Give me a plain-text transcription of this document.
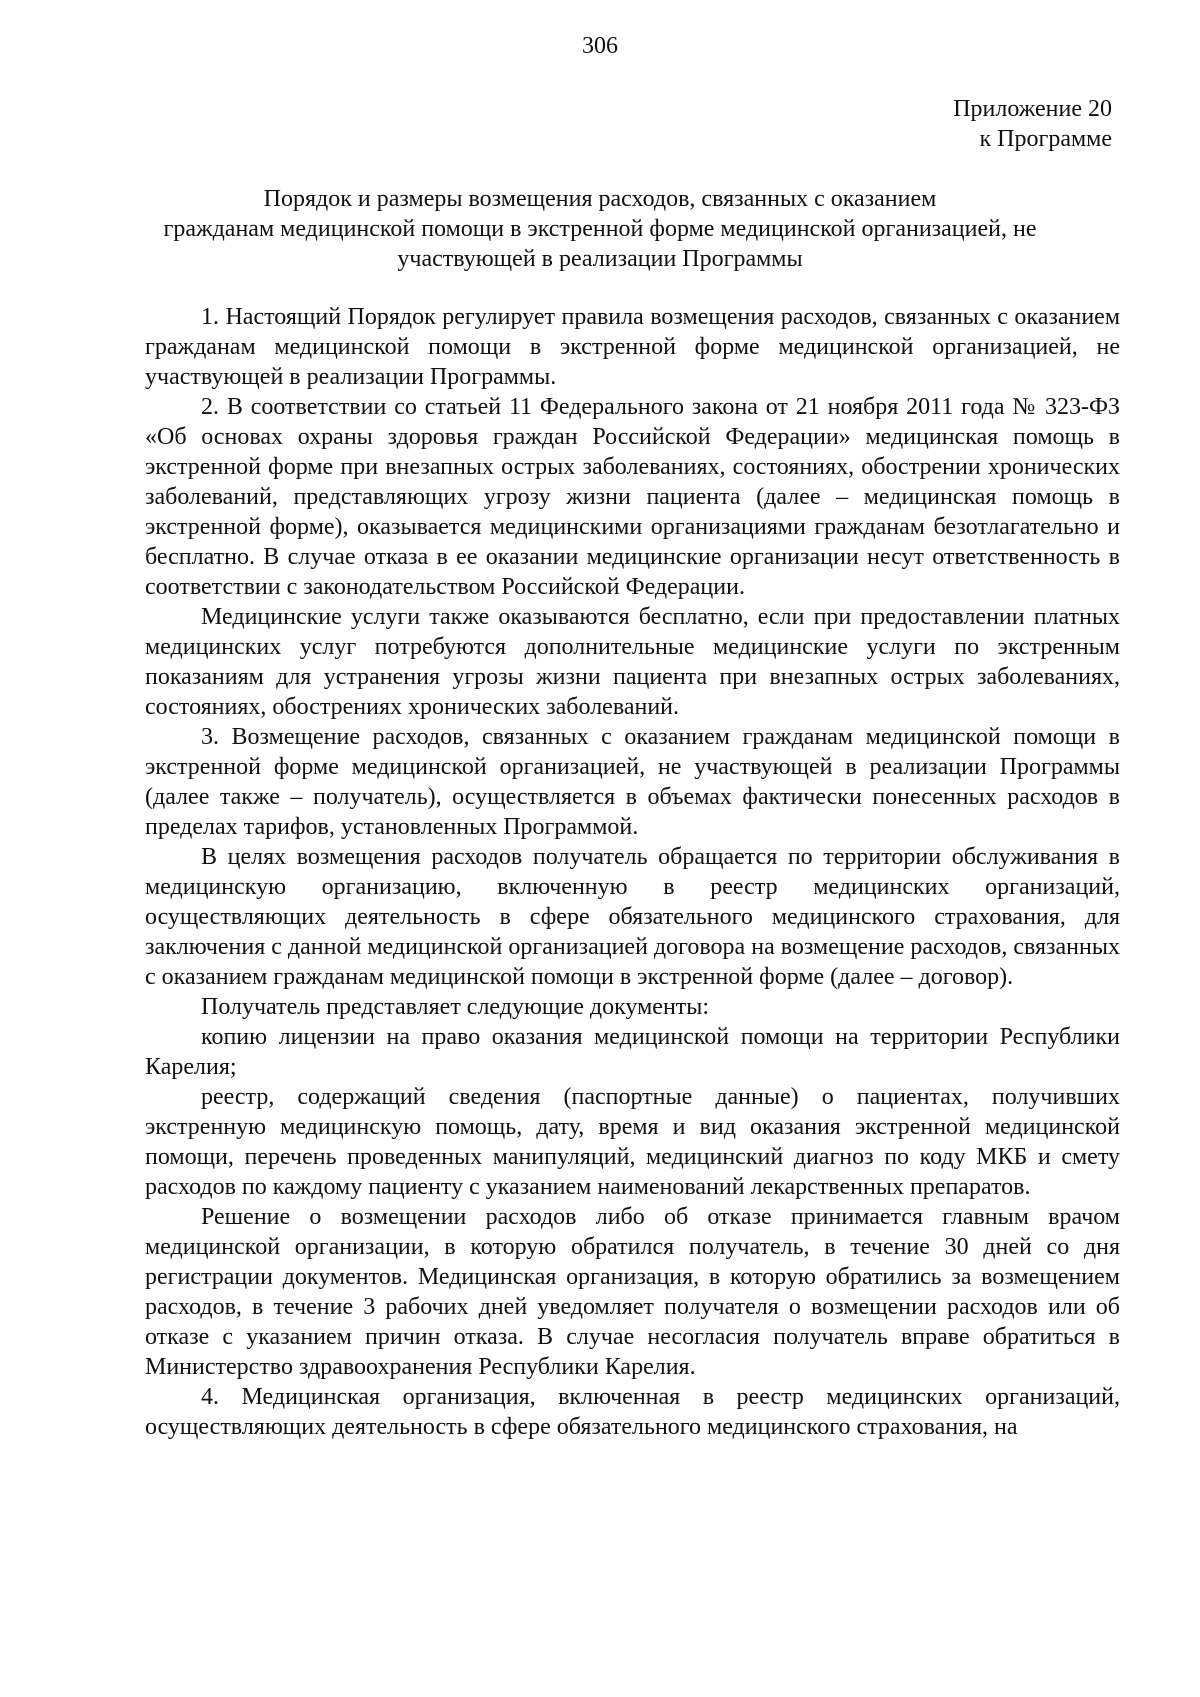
306
Приложение 20
к Программе
Порядок и размеры возмещения расходов, связанных с оказанием
гражданам медицинской помощи в экстренной форме медицинской организацией, не
участвующей в реализации Программы

1. Настоящий Порядок регулирует правила возмещения расходов, связанных с оказанием гражданам медицинской помощи в экстренной форме медицинской организацией, не участвующей в реализации Программы.

2. В соответствии со статьей 11 Федерального закона от 21 ноября 2011 года № 323-ФЗ «Об основах охраны здоровья граждан Российской Федерации» медицинская помощь в экстренной форме при внезапных острых заболеваниях, состояниях, обострении хронических заболеваний, представляющих угрозу жизни пациента (далее – медицинская помощь в экстренной форме), оказывается медицинскими организациями гражданам безотлагательно и бесплатно. В случае отказа в ее оказании медицинские организации несут ответственность в соответствии с законодательством Российской Федерации.

Медицинские услуги также оказываются бесплатно, если при предоставлении платных медицинских услуг потребуются дополнительные медицинские услуги по экстренным показаниям для устранения угрозы жизни пациента при внезапных острых заболеваниях, состояниях, обострениях хронических заболеваний.

3. Возмещение расходов, связанных с оказанием гражданам медицинской помощи в экстренной форме медицинской организацией, не участвующей в реализации Программы (далее также – получатель), осуществляется в объемах фактически понесенных расходов в пределах тарифов, установленных Программой.

В целях возмещения расходов получатель обращается по территории обслуживания в медицинскую организацию, включенную в реестр медицинских организаций, осуществляющих деятельность в сфере обязательного медицинского страхования, для заключения с данной медицинской организацией договора на возмещение расходов, связанных с оказанием гражданам медицинской помощи в экстренной форме (далее – договор).

Получатель представляет следующие документы:

копию лицензии на право оказания медицинской помощи на территории Республики Карелия;

реестр, содержащий сведения (паспортные данные) о пациентах, получивших экстренную медицинскую помощь, дату, время и вид оказания экстренной медицинской помощи, перечень проведенных манипуляций, медицинский диагноз по коду МКБ и смету расходов по каждому пациенту с указанием наименований лекарственных препаратов.

Решение о возмещении расходов либо об отказе принимается главным врачом медицинской организации, в которую обратился получатель, в течение 30 дней со дня регистрации документов. Медицинская организация, в которую обратились за возмещением расходов, в течение 3 рабочих дней уведомляет получателя о возмещении расходов или об отказе с указанием причин отказа. В случае несогласия получатель вправе обратиться в Министерство здравоохранения Республики Карелия.

4. Медицинская организация, включенная в реестр медицинских организаций, осуществляющих деятельность в сфере обязательного медицинского страхования, на
